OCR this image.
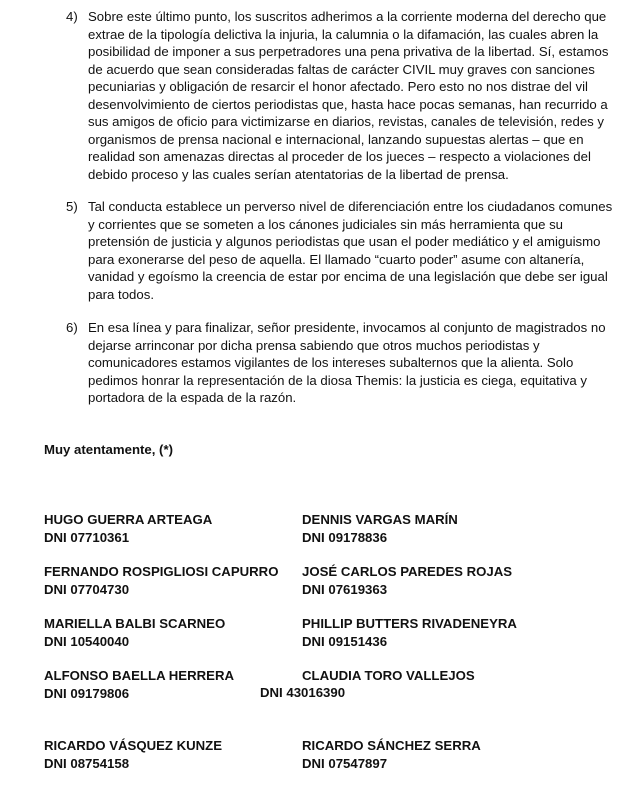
4) Sobre este último punto, los suscritos adherimos a la corriente moderna del derecho que extrae de la tipología delictiva la injuria, la calumnia o la difamación, las cuales abren la posibilidad de imponer a sus perpetradores una pena privativa de la libertad. Sí, estamos de acuerdo que sean consideradas faltas de carácter CIVIL muy graves con sanciones pecuniarias y obligación de resarcir el honor afectado. Pero esto no nos distrae del vil desenvolvimiento de ciertos periodistas que, hasta hace pocas semanas, han recurrido a sus amigos de oficio para victimizarse en diarios, revistas, canales de televisión, redes y organismos de prensa nacional e internacional, lanzando supuestas alertas – que en realidad son amenazas directas al proceder de los jueces – respecto a violaciones del debido proceso y las cuales serían atentatorias de la libertad de prensa.
5) Tal conducta establece un perverso nivel de diferenciación entre los ciudadanos comunes y corrientes que se someten a los cánones judiciales sin más herramienta que su pretensión de justicia y algunos periodistas que usan el poder mediático y el amiguismo para exonerarse del peso de aquella. El llamado “cuarto poder” asume con altanería, vanidad y egoísmo la creencia de estar por encima de una legislación que debe ser igual para todos.
6) En esa línea y para finalizar, señor presidente, invocamos al conjunto de magistrados no dejarse arrinconar por dicha prensa sabiendo que otros muchos periodistas y comunicadores estamos vigilantes de los intereses subalternos que la alienta. Solo pedimos honrar la representación de la diosa Themis: la justicia es ciega, equitativa y portadora de la espada de la razón.
Muy atentamente, (*)
HUGO GUERRA ARTEAGA
DNI 07710361
DENNIS VARGAS MARÍN
DNI 09178836
FERNANDO ROSPIGLIOSI CAPURRO
DNI 07704730
JOSÉ CARLOS PAREDES ROJAS
DNI 07619363
MARIELLA BALBI SCARNEO
DNI 10540040
PHILLIP BUTTERS RIVADENEYRA
DNI 09151436
ALFONSO BAELLA HERRERA
DNI 09179806
CLAUDIA TORO VALLEJOS
DNI 43016390
RICARDO VÁSQUEZ KUNZE
DNI 08754158
RICARDO SÁNCHEZ SERRA
DNI 07547897
